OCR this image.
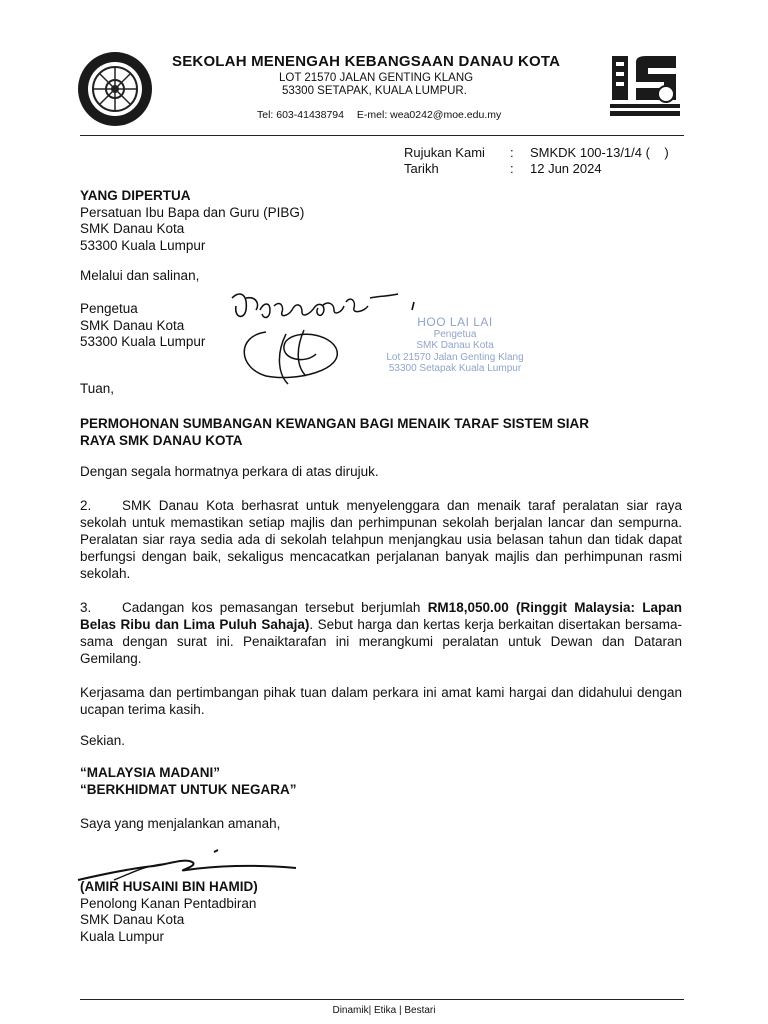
SEKOLAH MENENGAH KEBANGSAAN DANAU KOTA
LOT 21570 JALAN GENTING KLANG
53300 SETAPAK, KUALA LUMPUR.
Tel: 603-41438794 E-mel: wea0242@moe.edu.my
Rujukan Kami	:	SMKDK 100-13/1/4 (    )
Tarikh	:	12 Jun 2024
YANG DIPERTUA
Persatuan Ibu Bapa dan Guru (PIBG)
SMK Danau Kota
53300 Kuala Lumpur
Melalui dan salinan,
Pengetua
SMK Danau Kota
53300 Kuala Lumpur
HOO LAI LAI
Pengetua
SMK Danau Kota
Lot 21570 Jalan Genting Klang
53300 Setapak Kuala Lumpur
Tuan,
PERMOHONAN SUMBANGAN KEWANGAN BAGI MENAIK TARAF SISTEM SIAR
RAYA SMK DANAU KOTA
Dengan segala hormatnya perkara di atas dirujuk.
2. SMK Danau Kota berhasrat untuk menyelenggara dan menaik taraf peralatan siar raya sekolah untuk memastikan setiap majlis dan perhimpunan sekolah berjalan lancar dan sempurna. Peralatan siar raya sedia ada di sekolah telahpun menjangkau usia belasan tahun dan tidak dapat berfungsi dengan baik, sekaligus mencacatkan perjalanan banyak majlis dan perhimpunan rasmi sekolah.
3. Cadangan kos pemasangan tersebut berjumlah RM18,050.00 (Ringgit Malaysia: Lapan Belas Ribu dan Lima Puluh Sahaja). Sebut harga dan kertas kerja berkaitan disertakan bersama-sama dengan surat ini. Penaiktarafan ini merangkumi peralatan untuk Dewan dan Dataran Gemilang.
Kerjasama dan pertimbangan pihak tuan dalam perkara ini amat kami hargai dan didahului dengan ucapan terima kasih.
Sekian.
“MALAYSIA MADANI”
“BERKHIDMAT UNTUK NEGARA”
Saya yang menjalankan amanah,
(AMIR HUSAINI BIN HAMID)
Penolong Kanan Pentadbiran
SMK Danau Kota
Kuala Lumpur
Dinamik| Etika | Bestari
